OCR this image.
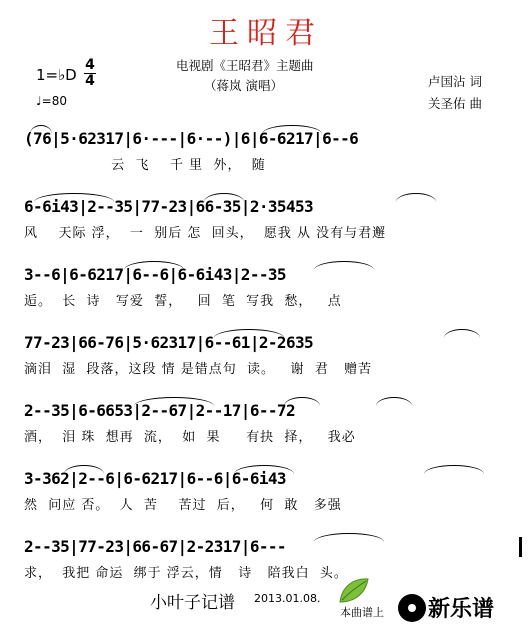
王昭君
电视剧《王昭君》主题曲
（蒋岚 演唱）
1=♭D $\frac{4}{4}$
♩=80
卢国沾 词
关圣佑 曲
(76|5·62317|6·---|6·--)|6|6-6217|6--6
云  飞    千 里  外，  随
6-6i43|2--35|77-23|66-35|2·35453
风    天际 浮，  一  别后 怎  回头，  愿我 从 没有与君邂
3--6|6-6217|6--6|6-6i43|2--35
逅。  长  诗   写爱  誓，   回  笔  写我  愁，   点
77-23|66-76|5·62317|6--61|2-2635
滴泪  湿  段落，这段 情 是错点句  读。   谢  君   赠苦
2--35|6-6653|2--67|2--17|6--72
酒，  泪 珠  想再  流，  如  果     有抉  择，   我必
3-362|2--6|6-6217|6--6|6-6i43
然  问应 否。  人  苦    苦过  后，   何  敢   多强
2--35|77-23|66-67|2-2317|6---
求，  我把 命运  绑于 浮云，情   诗   陪我白  头。
小叶子记谱 2013.01.08.
本曲谱上 新乐谱
